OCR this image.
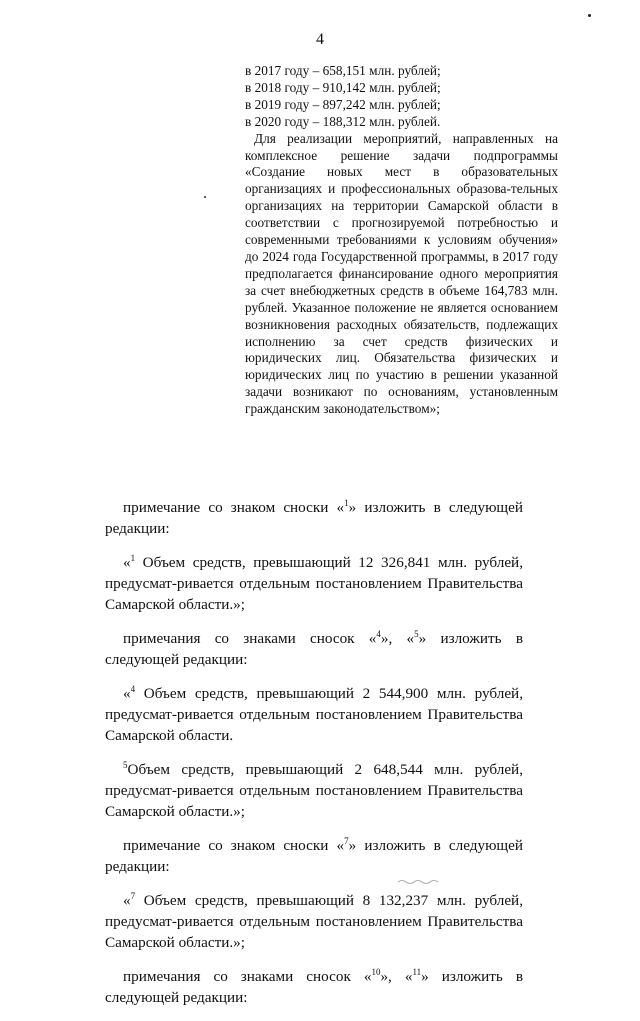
4
в 2017 году – 658,151 млн. рублей;
в 2018 году – 910,142 млн. рублей;
в 2019 году – 897,242 млн. рублей;
в 2020 году – 188,312 млн. рублей.
Для реализации мероприятий, направленных на комплексное решение задачи подпрограммы «Создание новых мест в образовательных организациях и профессиональных образова-тельных организациях на территории Самарской области в соответствии с прогнозируемой потребностью и современными требованиями к условиям обучения» до 2024 года Государственной программы, в 2017 году предполагается финансирование одного мероприятия за счет внебюджетных средств в объеме 164,783 млн. рублей. Указанное положение не является основанием возникновения расходных обязательств, подлежащих исполнению за счет средств физических и юридических лиц. Обязательства физических и юридических лиц по участию в решении указанной задачи возникают по основаниям, установленным гражданским законодательством»;

примечание со знаком сноски «$^1$» изложить в следующей редакции:

«$^1$ Объем средств, превышающий 12 326,841 млн. рублей, предусмат-ривается отдельным постановлением Правительства Самарской области.»;

примечания со знаками сносок «$^4$», «$^5$» изложить в следующей редакции:

«$^4$ Объем средств, превышающий 2 544,900 млн. рублей, предусмат-ривается отдельным постановлением Правительства Самарской области.

$^5$Объем средств, превышающий 2 648,544 млн. рублей, предусмат-ривается отдельным постановлением Правительства Самарской области.»;

примечание со знаком сноски «$^7$» изложить в следующей редакции:

«$^7$ Объем средств, превышающий 8 132,237 млн. рублей, предусмат-ривается отдельным постановлением Правительства Самарской области.»;

примечания со знаками сносок «$^{10}$», «$^{11}$» изложить в следующей редакции:
